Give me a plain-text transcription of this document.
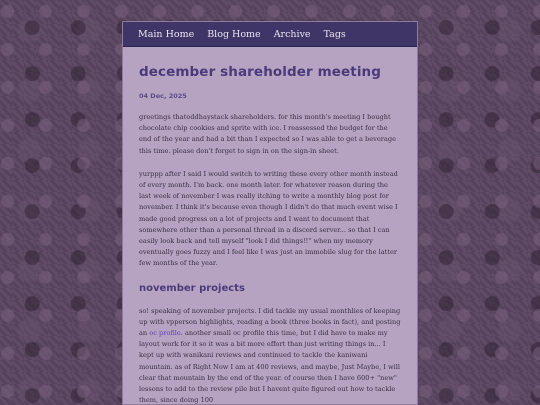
Main Home Blog Home Archive Tags
december shareholder meeting
04 Dec, 2025

greetings thatoddhaystack shareholders. for this month's meeting I bought chocolate chip cookies and sprite with ice. I reassessed the budget for the end of the year and had a bit than I expected so I was able to get a beverage this time. please don't forget to sign in on the sign-in sheet.

yurppp after I said I would switch to writing these every other month instead of every month. I'm back. one month later. for whatever reason during the last week of november I was really itching to write a monthly blog post for november. I think it's because even though I didn't do that much event wise I made good progress on a lot of projects and I want to document that somewhere other than a personal thread in a discord server... so that I can easily look back and tell myself "look I did things!!" when my memory eventually goes fuzzy and I feel like I was just an immobile slug for the latter few months of the year.

november projects

so! speaking of november projects. I did tackle my usual monthlies of keeping up with vpperson highlights, reading a book (three books in fact), and posting an oc profile. another small oc profile this time, but I did have to make my layout work for it so it was a bit more effort than just writing things in... I kept up with wanikani reviews and continued to tackle the kaniwani mountain. as of Right Now I am at 400 reviews, and maybe, Just Maybe, I will clear that mountain by the end of the year. of course then I have 600+ "new" lessons to add to the review pile but I havent quite figured out how to tackle them, since doing 100
